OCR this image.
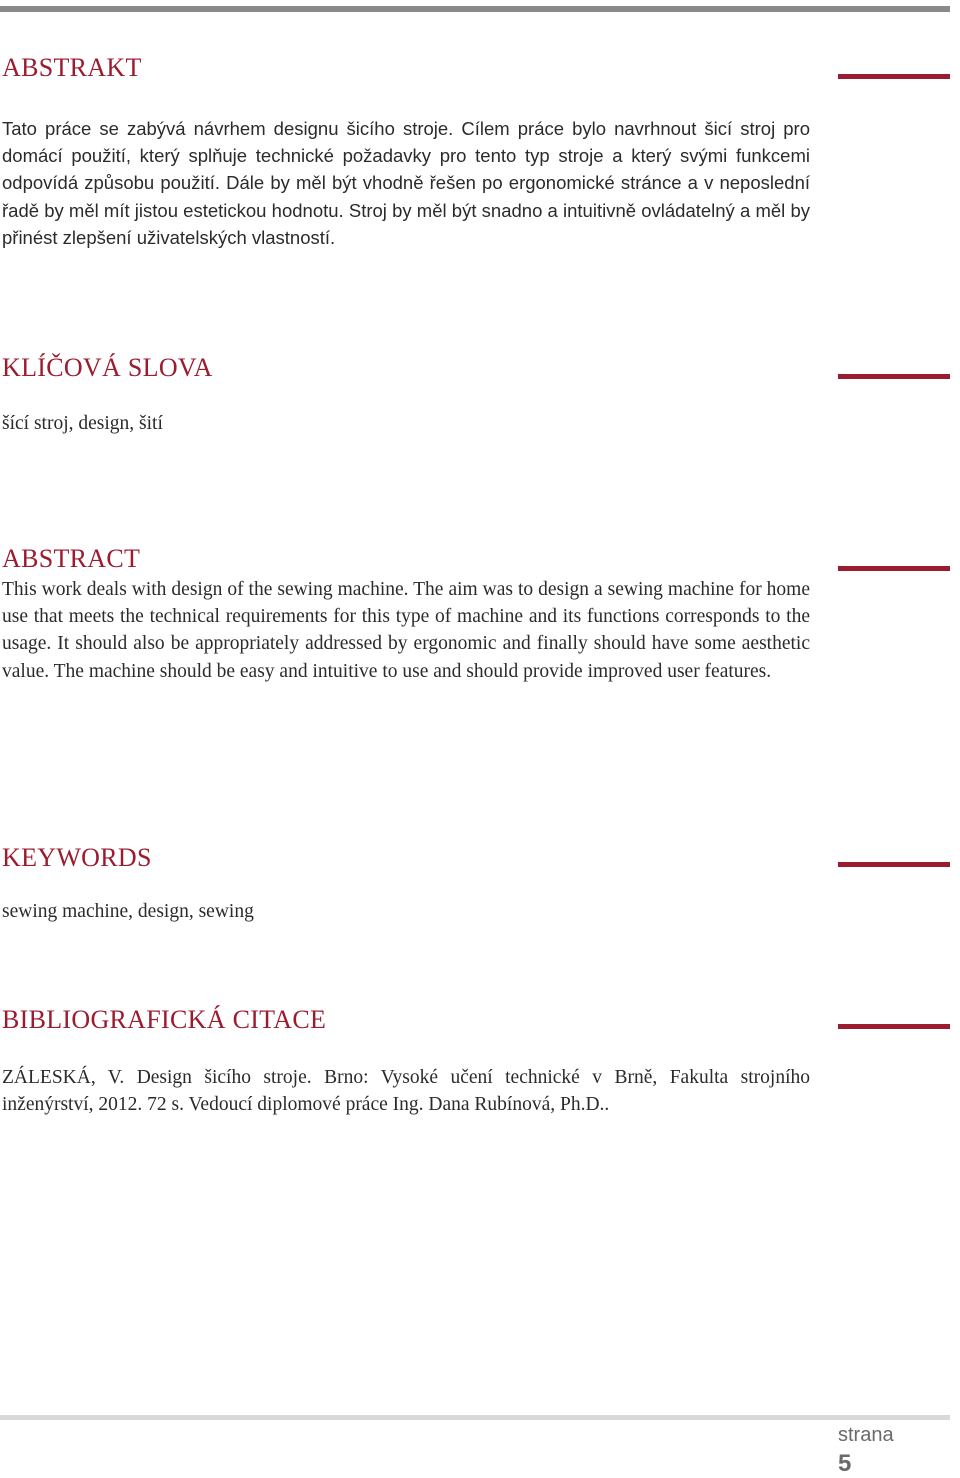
ABSTRAKT

Tato práce se zabývá návrhem designu šicího stroje. Cílem práce bylo navrhnout šicí stroj pro domácí použití, který splňuje technické požadavky pro tento typ stroje a který svými funkcemi odpovídá způsobu použití. Dále by měl být vhodně řešen po ergonomické stránce a v neposlední řadě by měl mít jistou estetickou hodnotu. Stroj by měl být snadno a intuitivně ovládatelný a měl by přinést zlepšení uživatelských vlastností.

KLÍČOVÁ SLOVA

šící stroj, design, šití

ABSTRACT

This work deals with design of the sewing machine. The aim was to design a sewing machine for home use that meets the technical requirements for this type of machine and its functions corresponds to the usage. It should also be appropriately addressed by ergonomic and finally should have some aesthetic value. The machine should be easy and intuitive to use and should provide improved user features.

KEYWORDS

sewing machine, design, sewing

BIBLIOGRAFICKÁ CITACE

ZÁLESKÁ, V. Design šicího stroje. Brno: Vysoké učení technické v Brně, Fakulta strojního inženýrství, 2012. 72 s. Vedoucí diplomové práce Ing. Dana Rubínová, Ph.D..

strana
5
